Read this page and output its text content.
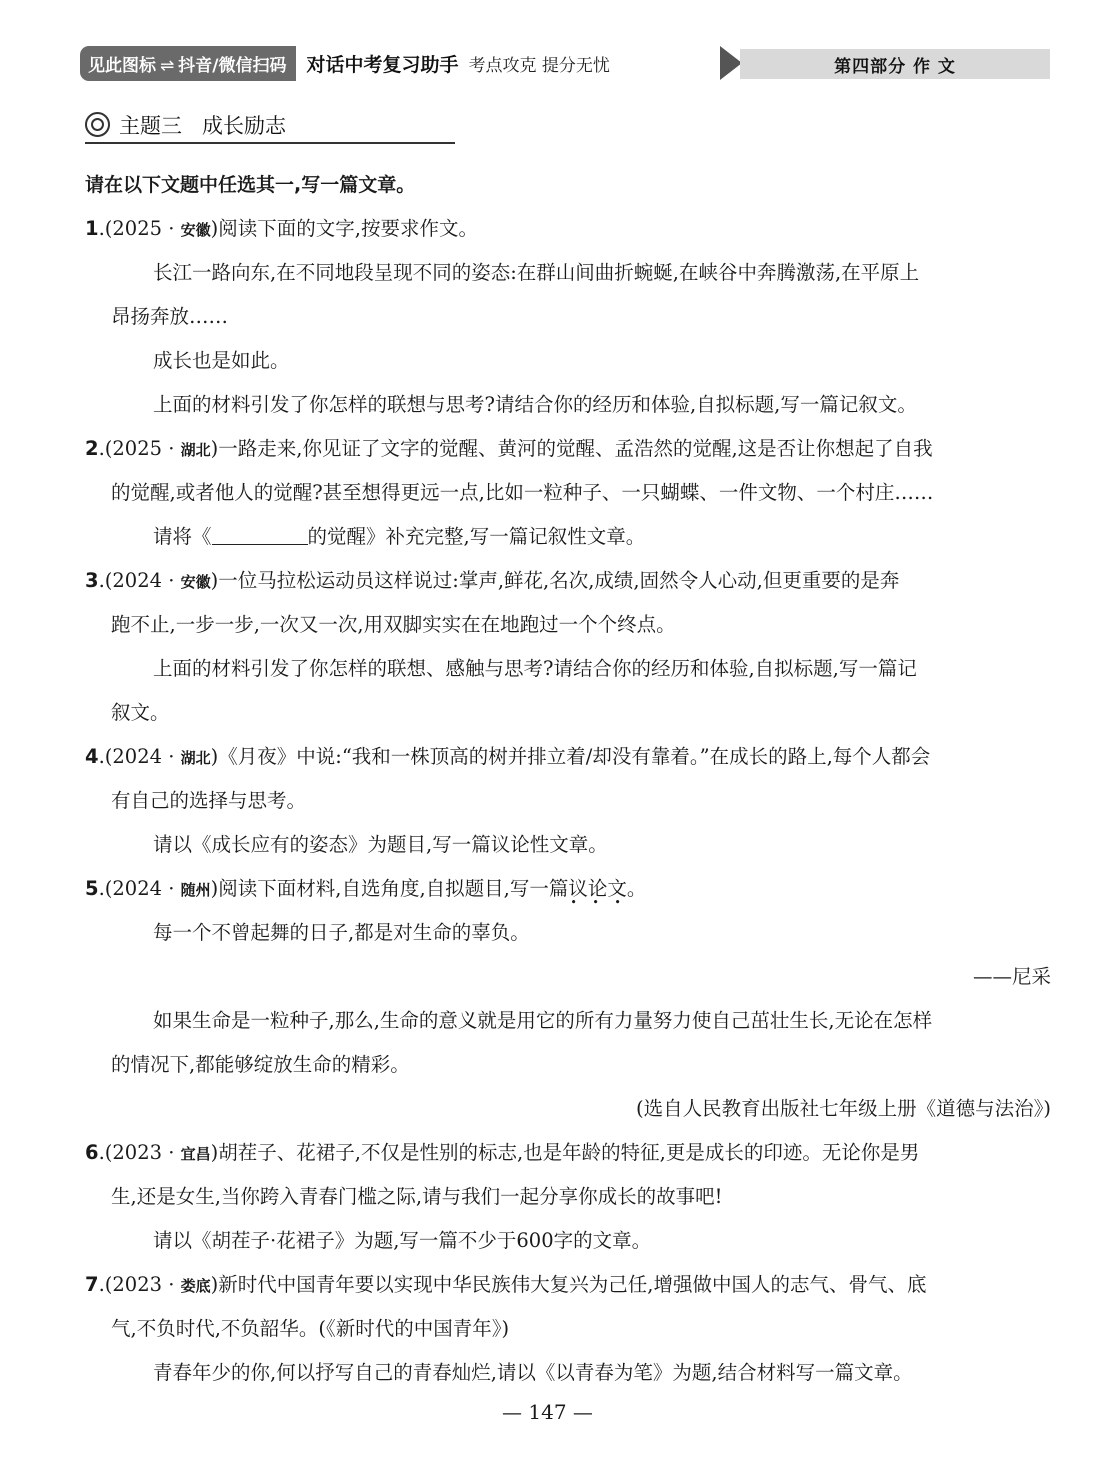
见此图标 ⇌ 抖音/微信扫码	对话中考复习助手 考点攻克 提分无忧	第四部分 作 文
主题三 成长励志
请在以下文题中任选其一,写一篇文章。
1.(2025 · 安徽)阅读下面的文字,按要求作文。
长江一路向东,在不同地段呈现不同的姿态:在群山间曲折蜿蜒,在峡谷中奔腾激荡,在平原上
昂扬奔放……
成长也是如此。
上面的材料引发了你怎样的联想与思考?请结合你的经历和体验,自拟标题,写一篇记叙文。
2.(2025 · 湖北)一路走来,你见证了文字的觉醒、黄河的觉醒、孟浩然的觉醒,这是否让你想起了自我
的觉醒,或者他人的觉醒?甚至想得更远一点,比如一粒种子、一只蝴蝶、一件文物、一个村庄……
请将《	的觉醒》补充完整,写一篇记叙性文章。
3.(2024 · 安徽)一位马拉松运动员这样说过:掌声,鲜花,名次,成绩,固然令人心动,但更重要的是奔
跑不止,一步一步,一次又一次,用双脚实实在在地跑过一个个终点。
上面的材料引发了你怎样的联想、感触与思考?请结合你的经历和体验,自拟标题,写一篇记
叙文。
4.(2024 · 湖北)《月夜》中说:“我和一株顶高的树并排立着/却没有靠着。”在成长的路上,每个人都会
有自己的选择与思考。
请以《成长应有的姿态》为题目,写一篇议论性文章。
5.(2024 · 随州)阅读下面材料,自选角度,自拟题目,写一篇议论文 • • •。
每一个不曾起舞的日子,都是对生命的辜负。
——尼采
如果生命是一粒种子,那么,生命的意义就是用它的所有力量努力使自己茁壮生长,无论在怎样
的情况下,都能够绽放生命的精彩。
(选自人民教育出版社七年级上册《道德与法治》)
6.(2023 · 宜昌)胡茬子、花裙子,不仅是性别的标志,也是年龄的特征,更是成长的印迹。无论你是男
生,还是女生,当你跨入青春门槛之际,请与我们一起分享你成长的故事吧!
请以《胡茬子·花裙子》为题,写一篇不少于600字的文章。
7.(2023 · 娄底)新时代中国青年要以实现中华民族伟大复兴为己任,增强做中国人的志气、骨气、底
气,不负时代,不负韶华。(《新时代的中国青年》)
青春年少的你,何以抒写自己的青春灿烂,请以《以青春为笔》为题,结合材料写一篇文章。
— 147 —
